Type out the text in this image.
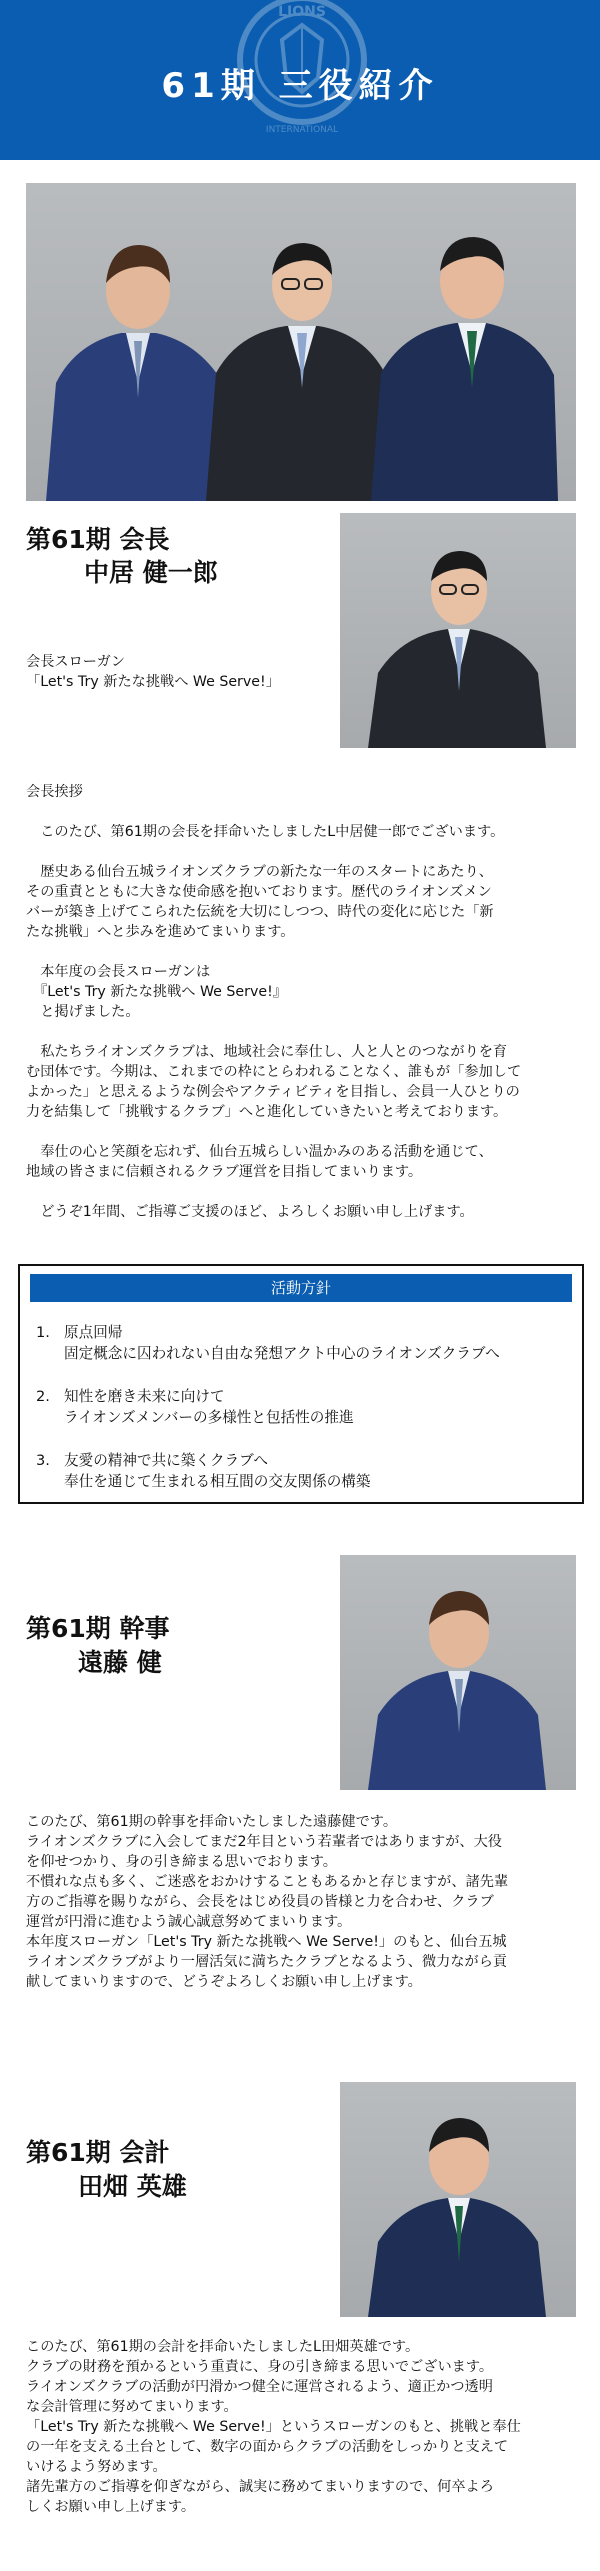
LIONS
INTERNATIONAL
61期 三役紹介
第61期 会長
中居 健一郎
会長スローガン
「Let's Try 新たな挑戦へ We Serve!」
会長挨拶
　このたび、第61期の会長を拝命いたしましたL中居健一郎でございます。

　歴史ある仙台五城ライオンズクラブの新たな一年のスタートにあたり、
その重責とともに大きな使命感を抱いております。歴代のライオンズメン
バーが築き上げてこられた伝統を大切にしつつ、時代の変化に応じた「新
たな挑戦」へと歩みを進めてまいります。

　本年度の会長スローガンは
　『Let's Try 新たな挑戦へ We Serve!』
　と掲げました。

　私たちライオンズクラブは、地域社会に奉仕し、人と人とのつながりを育
む団体です。今期は、これまでの枠にとらわれることなく、誰もが「参加して
よかった」と思えるような例会やアクティビティを目指し、会員一人ひとりの
力を結集して「挑戦するクラブ」へと進化していきたいと考えております。

　奉仕の心と笑顔を忘れず、仙台五城らしい温かみのある活動を通じて、
地域の皆さまに信頼されるクラブ運営を目指してまいります。

　どうぞ1年間、ご指導ご支援のほど、よろしくお願い申し上げます。
活動方針
1. 原点回帰
固定概念に囚われない自由な発想アクト中心のライオンズクラブへ
2. 知性を磨き未来に向けて
ライオンズメンバーの多様性と包括性の推進
3. 友愛の精神で共に築くクラブへ
奉仕を通じて生まれる相互間の交友関係の構築
第61期 幹事
遠藤 健
このたび、第61期の幹事を拝命いたしました遠藤健です。
ライオンズクラブに入会してまだ2年目という若輩者ではありますが、大役
を仰せつかり、身の引き締まる思いでおります。
不慣れな点も多く、ご迷惑をおかけすることもあるかと存じますが、諸先輩
方のご指導を賜りながら、会長をはじめ役員の皆様と力を合わせ、クラブ
運営が円滑に進むよう誠心誠意努めてまいります。
本年度スローガン「Let's Try 新たな挑戦へ We Serve!」のもと、仙台五城
ライオンズクラブがより一層活気に満ちたクラブとなるよう、微力ながら貢
献してまいりますので、どうぞよろしくお願い申し上げます。
第61期 会計
田畑 英雄
このたび、第61期の会計を拝命いたしましたL田畑英雄です。
クラブの財務を預かるという重責に、身の引き締まる思いでございます。
ライオンズクラブの活動が円滑かつ健全に運営されるよう、適正かつ透明
な会計管理に努めてまいります。
「Let's Try 新たな挑戦へ We Serve!」というスローガンのもと、挑戦と奉仕
の一年を支える土台として、数字の面からクラブの活動をしっかりと支えて
いけるよう努めます。
諸先輩方のご指導を仰ぎながら、誠実に務めてまいりますので、何卒よろ
しくお願い申し上げます。
